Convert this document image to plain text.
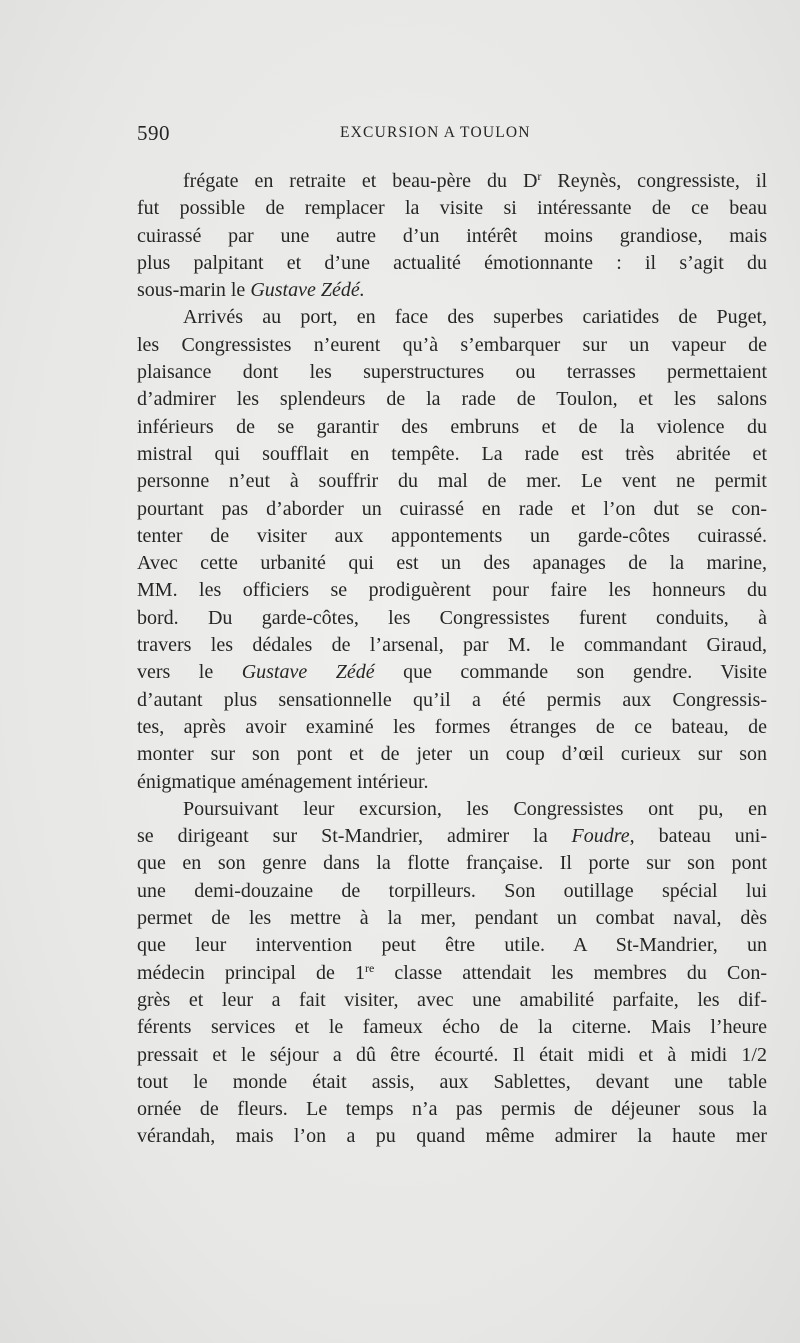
590	EXCURSION A TOULON
frégate en retraite et beau-père du $D^r$ Reynès, congressiste, il
fut possible de remplacer la visite si intéressante de ce beau
cuirassé par une autre d’un intérêt moins grandiose, mais
plus palpitant et d’une actualité émotionnante : il s’agit du
sous-marin le Gustave Zédé.
Arrivés au port, en face des superbes cariatides de Puget,
les Congressistes n’eurent qu’à s’embarquer sur un vapeur de
plaisance dont les superstructures ou terrasses permettaient
d’admirer les splendeurs de la rade de Toulon, et les salons
inférieurs de se garantir des embruns et de la violence du
mistral qui soufflait en tempête. La rade est très abritée et
personne n’eut à souffrir du mal de mer. Le vent ne permit
pourtant pas d’aborder un cuirassé en rade et l’on dut se con-
tenter de visiter aux appontements un garde-côtes cuirassé.
Avec cette urbanité qui est un des apanages de la marine,
MM. les officiers se prodiguèrent pour faire les honneurs du
bord. Du garde-côtes, les Congressistes furent conduits, à
travers les dédales de l’arsenal, par M. le commandant Giraud,
vers le Gustave Zédé que commande son gendre. Visite
d’autant plus sensationnelle qu’il a été permis aux Congressis-
tes, après avoir examiné les formes étranges de ce bateau, de
monter sur son pont et de jeter un coup d’œil curieux sur son
énigmatique aménagement intérieur.
Poursuivant leur excursion, les Congressistes ont pu, en
se dirigeant sur St-Mandrier, admirer la Foudre, bateau uni-
que en son genre dans la flotte française. Il porte sur son pont
une demi-douzaine de torpilleurs. Son outillage spécial lui
permet de les mettre à la mer, pendant un combat naval, dès
que leur intervention peut être utile. A St-Mandrier, un
médecin principal de 1re classe attendait les membres du Con-
grès et leur a fait visiter, avec une amabilité parfaite, les dif-
férents services et le fameux écho de la citerne. Mais l’heure
pressait et le séjour a dû être écourté. Il était midi et à midi 1/2
tout le monde était assis, aux Sablettes, devant une table
ornée de fleurs. Le temps n’a pas permis de déjeuner sous la
vérandah, mais l’on a pu quand même admirer la haute mer
